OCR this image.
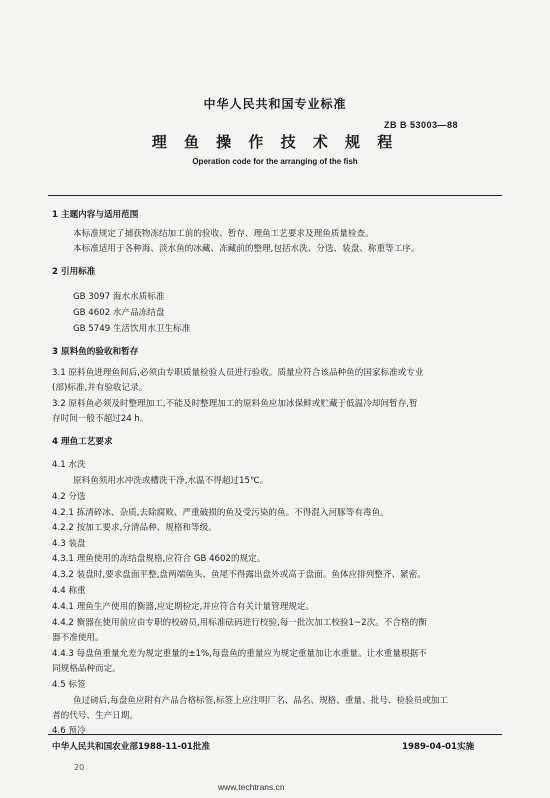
中华人民共和国专业标准
ZB B 53003—88
理 鱼 操 作 技 术 规 程
Operation code for the arranging of the fish
1 主题内容与适用范围
本标准规定了捕获物冻结加工前的验收、暂存、理鱼工艺要求及理鱼质量检查。
本标准适用于各种海、淡水鱼的冰藏、冻藏前的整理,包括水洗、分选、装盘、称重等工序。
2 引用标准
GB 3097 海水水质标准
GB 4602 水产品冻结盘
GB 5749 生活饮用水卫生标准
3 原料鱼的验收和暂存
3.1 原料鱼进理鱼间后,必须由专职质量检验人员进行验收。质量应符合该品种鱼的国家标准或专业
(部)标准,并有验收记录。
3.2 原料鱼必须及时整理加工,不能及时整理加工的原料鱼应加冰保鲜或贮藏于低温冷却间暂存,暂
存时间一般不超过24 h。
4 理鱼工艺要求
4.1 水洗
原料鱼须用水冲洗或槽洗干净,水温不得超过15℃。
4.2 分选
4.2.1 拣清碎冰、杂质,去除腐败、严重破损的鱼及受污染的鱼。不得混入河豚等有毒鱼。
4.2.2 按加工要求,分清品种、规格和等级。
4.3 装盘
4.3.1 理鱼使用的冻结盘规格,应符合 GB 4602的规定。
4.3.2 装盘时,要求盘面平整,盘两端鱼头、鱼尾不得露出盘外或高于盘面。鱼体应排列整齐、紧密。
4.4 称重
4.4.1 理鱼生产使用的衡器,应定期检定,并应符合有关计量管理规定。
4.4.2 衡器在使用前应由专职的校磅员,用标准砝码进行校验,每一批次加工校验1~2次。不合格的衡
器不准使用。
4.4.3 每盘鱼重量允差为规定重量的±1%,每盘鱼的重量应为规定重量加让水重量。让水重量根据不
同规格品种而定。
4.5 标签
鱼过磅后,每盘鱼应附有产品合格标签,标签上应注明厂名、品名、规格、重量、批号、检验员或加工
者的代号、生产日期。
4.6 预冷
中华人民共和国农业部1988-11-01批准	1989-04-01实施
20
www.techtrans.cn
